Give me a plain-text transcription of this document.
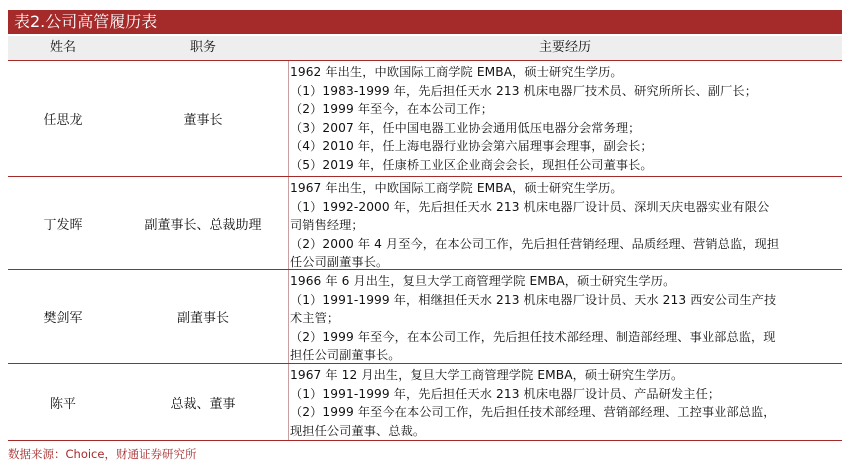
表2.公司高管履历表
姓名	职务	主要经历
任思龙	董事长
1962 年出生，中欧国际工商学院 EMBA，硕士研究生学历。
（1）1983-1999 年，先后担任天水 213 机床电器厂技术员、研究所所长、副厂长；
（2）1999 年至今，在本公司工作；
（3）2007 年，任中国电器工业协会通用低压电器分会常务理；
（4）2010 年，任上海电器行业协会第六届理事会理事，副会长；
（5）2019 年，任康桥工业区企业商会会长，现担任公司董事长。
丁发晖	副董事长、总裁助理
1967 年出生，中欧国际工商学院 EMBA，硕士研究生学历。
（1）1992-2000 年，先后担任天水 213 机床电器厂设计员、深圳天庆电器实业有限公
司销售经理；
（2）2000 年 4 月至今，在本公司工作，先后担任营销经理、品质经理、营销总监，现担
任公司副董事长。
樊剑军	副董事长
1966 年 6 月出生，复旦大学工商管理学院 EMBA，硕士研究生学历。
（1）1991-1999 年，相继担任天水 213 机床电器厂设计员、天水 213 西安公司生产技
术主管；
（2）1999 年至今，在本公司工作，先后担任技术部经理、制造部经理、事业部总监，现
担任公司副董事长。
陈平	总裁、董事
1967 年 12 月出生，复旦大学工商管理学院 EMBA，硕士研究生学历。
（1）1991-1999 年，先后担任天水 213 机床电器厂设计员、产品研发主任；
（2）1999 年至今在本公司工作，先后担任技术部经理、营销部经理、工控事业部总监，
现担任公司董事、总裁。
数据来源：Choice，财通证券研究所
